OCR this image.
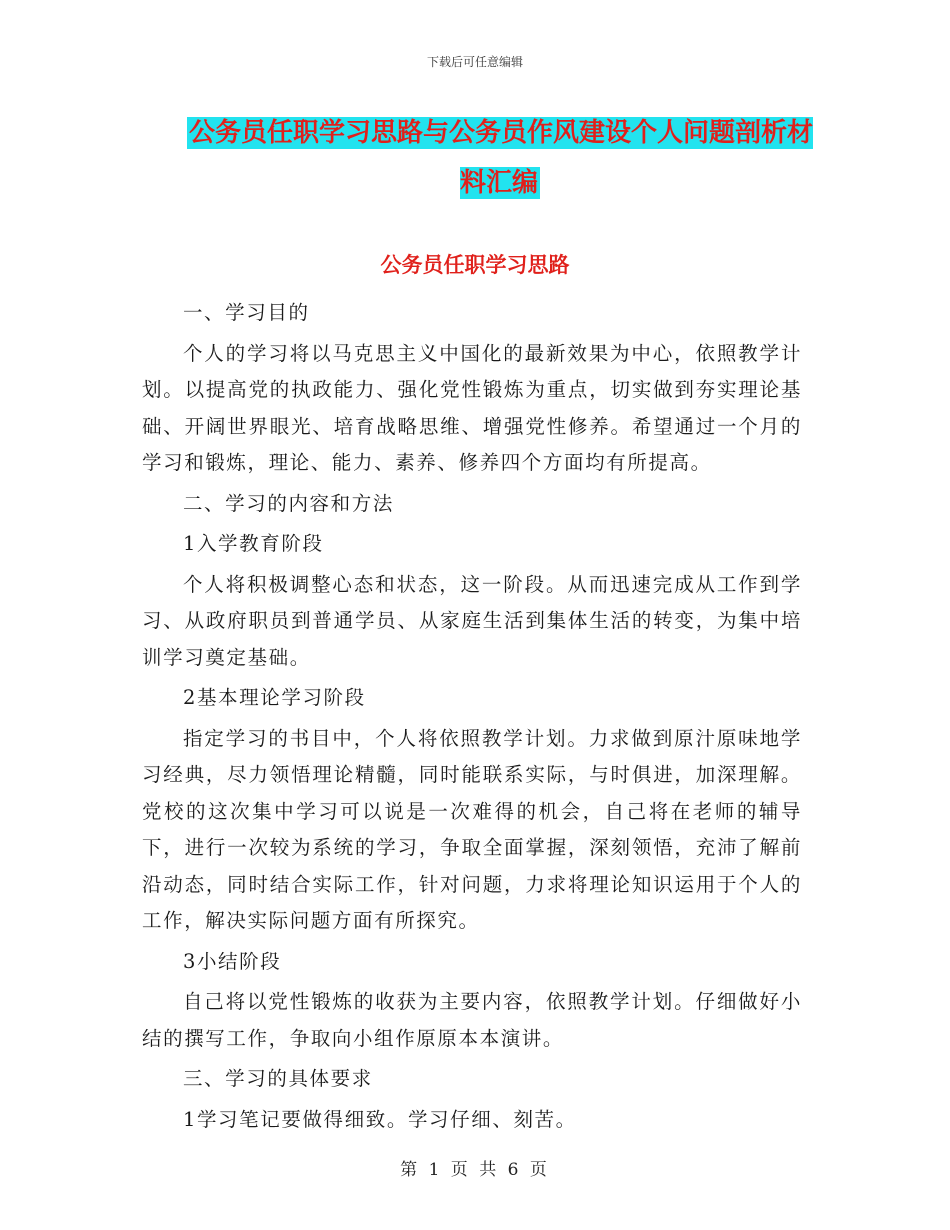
下载后可任意编辑
公务员任职学习思路与公务员作风建设个人问题剖析材料汇编
公务员任职学习思路

一、学习目的

个人的学习将以马克思主义中国化的最新效果为中心，依照教学计划。以提高党的执政能力、强化党性锻炼为重点，切实做到夯实理论基础、开阔世界眼光、培育战略思维、增强党性修养。希望通过一个月的学习和锻炼，理论、能力、素养、修养四个方面均有所提高。

二、学习的内容和方法

1入学教育阶段

个人将积极调整心态和状态，这一阶段。从而迅速完成从工作到学习、从政府职员到普通学员、从家庭生活到集体生活的转变，为集中培训学习奠定基础。

2基本理论学习阶段

指定学习的书目中，个人将依照教学计划。力求做到原汁原味地学习经典，尽力领悟理论精髓，同时能联系实际，与时俱进，加深理解。党校的这次集中学习可以说是一次难得的机会，自己将在老师的辅导下，进行一次较为系统的学习，争取全面掌握，深刻领悟，充沛了解前沿动态，同时结合实际工作，针对问题，力求将理论知识运用于个人的工作，解决实际问题方面有所探究。

3小结阶段

自己将以党性锻炼的收获为主要内容，依照教学计划。仔细做好小结的撰写工作，争取向小组作原原本本演讲。

三、学习的具体要求

1学习笔记要做得细致。学习仔细、刻苦。

第 1 页 共 6 页
